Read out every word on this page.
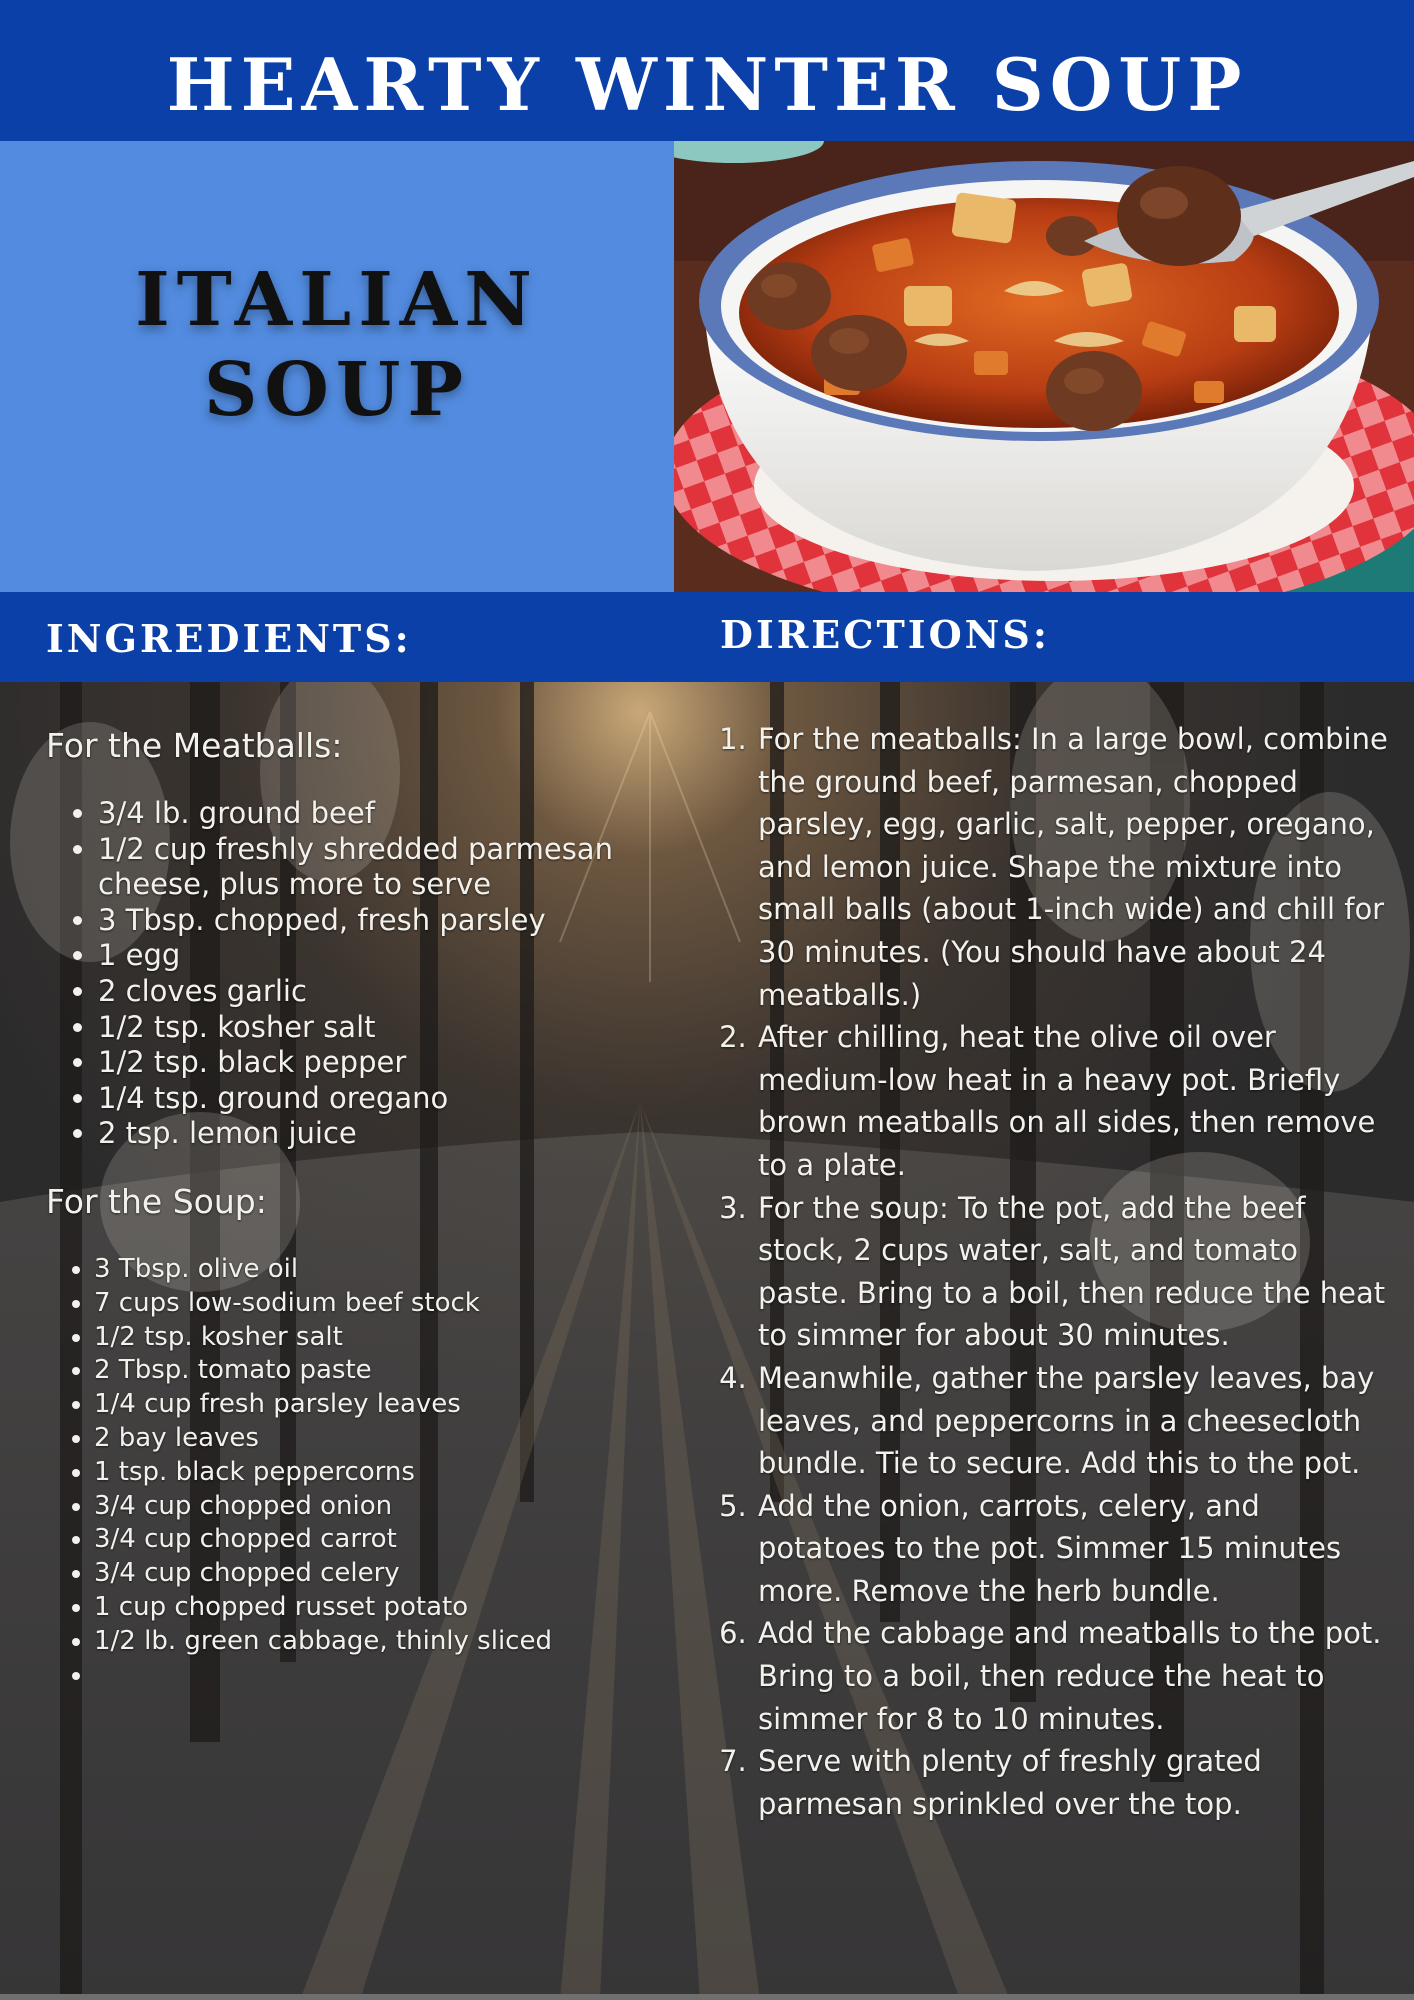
HEARTY WINTER SOUP
ITALIAN
SOUP
INGREDIENTS:	DIRECTIONS:
For the Meatballs:
• 3/4 lb. ground beef
• 1/2 cup freshly shredded parmesan cheese, plus more to serve
• 3 Tbsp. chopped, fresh parsley
• 1 egg
• 2 cloves garlic
• 1/2 tsp. kosher salt
• 1/2 tsp. black pepper
• 1/4 tsp. ground oregano
• 2 tsp. lemon juice
For the Soup:
• 3 Tbsp. olive oil
• 7 cups low-sodium beef stock
• 1/2 tsp. kosher salt
• 2 Tbsp. tomato paste
• 1/4 cup fresh parsley leaves
• 2 bay leaves
• 1 tsp. black peppercorns
• 3/4 cup chopped onion
• 3/4 cup chopped carrot
• 3/4 cup chopped celery
• 1 cup chopped russet potato
• 1/2 lb. green cabbage, thinly sliced
•
1. For the meatballs: In a large bowl, combine the ground beef, parmesan, chopped parsley, egg, garlic, salt, pepper, oregano, and lemon juice. Shape the mixture into small balls (about 1-inch wide) and chill for 30 minutes. (You should have about 24 meatballs.)
2. After chilling, heat the olive oil over medium-low heat in a heavy pot. Briefly brown meatballs on all sides, then remove to a plate.
3. For the soup: To the pot, add the beef stock, 2 cups water, salt, and tomato paste. Bring to a boil, then reduce the heat to simmer for about 30 minutes.
4. Meanwhile, gather the parsley leaves, bay leaves, and peppercorns in a cheesecloth bundle. Tie to secure. Add this to the pot.
5. Add the onion, carrots, celery, and potatoes to the pot. Simmer 15 minutes more. Remove the herb bundle.
6. Add the cabbage and meatballs to the pot. Bring to a boil, then reduce the heat to simmer for 8 to 10 minutes.
7. Serve with plenty of freshly grated parmesan sprinkled over the top.
